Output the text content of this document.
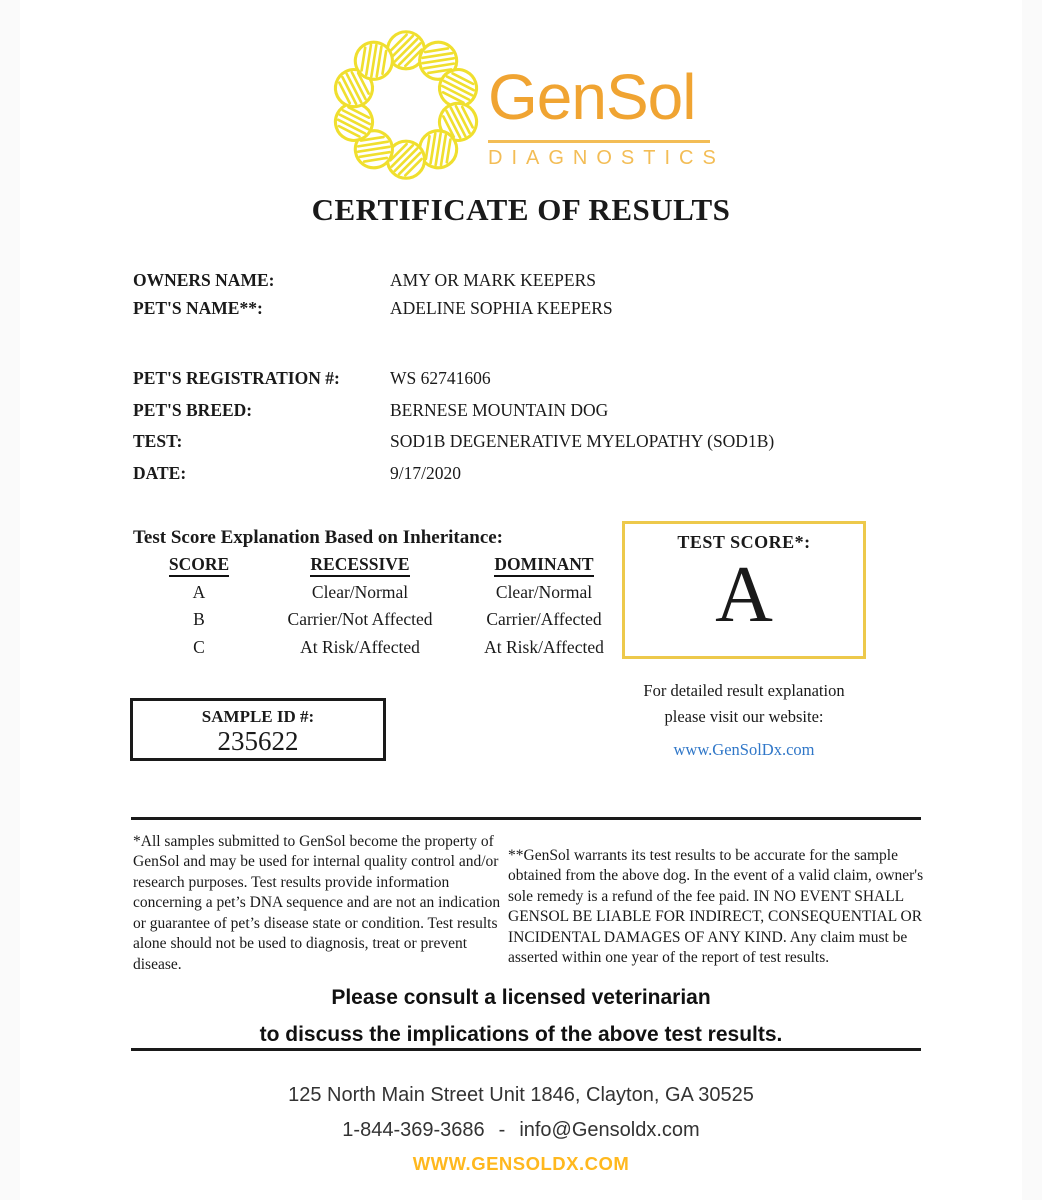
GenSol
DIAGNOSTICS
CERTIFICATE OF RESULTS
OWNERS NAME:	AMY OR MARK KEEPERS
PET'S NAME**:	ADELINE SOPHIA KEEPERS
PET'S REGISTRATION #:	WS 62741606
PET'S BREED:	BERNESE MOUNTAIN DOG
TEST:	SOD1B DEGENERATIVE MYELOPATHY (SOD1B)
DATE:	9/17/2020
Test Score Explanation Based on Inheritance:
SCORE	RECESSIVE	DOMINANT
A	Clear/Normal	Clear/Normal
B	Carrier/Not Affected	Carrier/Affected
C	At Risk/Affected	At Risk/Affected
TEST SCORE*:
A
For detailed result explanation
please visit our website:
www.GenSolDx.com
SAMPLE ID #:
235622
*All samples submitted to GenSol become the property of GenSol and may be used for internal quality control and/or research purposes. Test results provide information concerning a pet’s DNA sequence and are not an indication or guarantee of pet’s disease state or condition. Test results alone should not be used to diagnosis, treat or prevent disease.
**GenSol warrants its test results to be accurate for the sample obtained from the above dog. In the event of a valid claim, owner's sole remedy is a refund of the fee paid. IN NO EVENT SHALL GENSOL BE LIABLE FOR INDIRECT, CONSEQUENTIAL OR INCIDENTAL DAMAGES OF ANY KIND. Any claim must be asserted within one year of the report of test results.
Please consult a licensed veterinarian
to discuss the implications of the above test results.
125 North Main Street Unit 1846, Clayton, GA 30525
1-844-369-3686 - info@Gensoldx.com
WWW.GENSOLDX.COM
